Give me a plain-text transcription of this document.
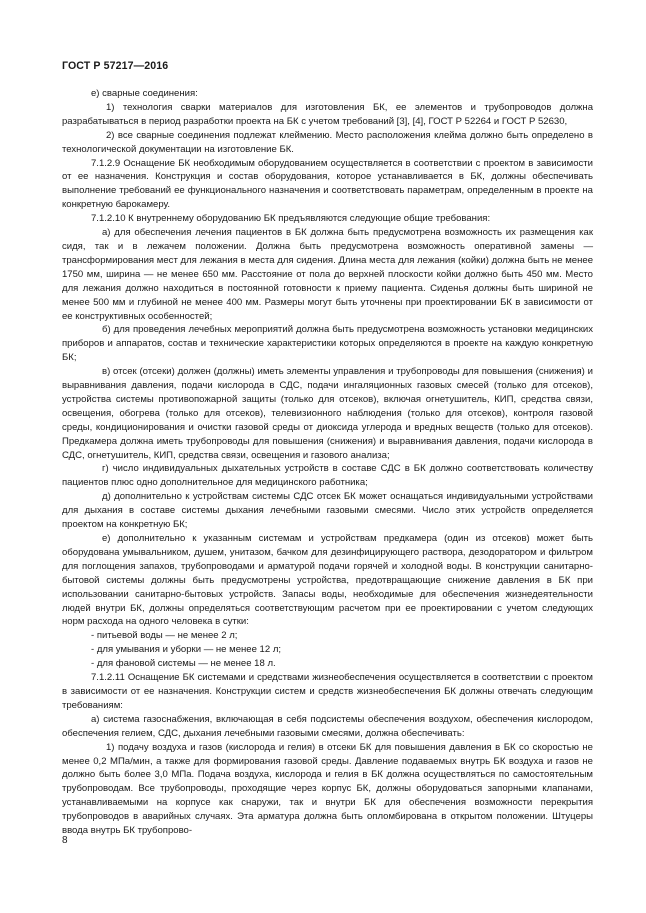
ГОСТ Р 57217—2016

е) сварные соединения:

1) технология сварки материалов для изготовления БК, ее элементов и трубопроводов должна разрабатываться в период разработки проекта на БК с учетом требований [3], [4], ГОСТ Р 52264 и ГОСТ Р 52630,

2) все сварные соединения подлежат клеймению. Место расположения клейма должно быть определено в технологической документации на изготовление БК.

7.1.2.9 Оснащение БК необходимым оборудованием осуществляется в соответствии с проектом в зависимости от ее назначения. Конструкция и состав оборудования, которое устанавливается в БК, должны обеспечивать выполнение требований ее функционального назначения и соответствовать параметрам, определенным в проекте на конкретную барокамеру.

7.1.2.10 К внутреннему оборудованию БК предъявляются следующие общие требования:

а) для обеспечения лечения пациентов в БК должна быть предусмотрена возможность их размещения как сидя, так и в лежачем положении. Должна быть предусмотрена возможность оперативной замены — трансформирования мест для лежания в места для сидения. Длина места для лежания (койки) должна быть не менее 1750 мм, ширина — не менее 650 мм. Расстояние от пола до верхней плоскости койки должно быть 450 мм. Место для лежания должно находиться в постоянной готовности к приему пациента. Сиденья должны быть шириной не менее 500 мм и глубиной не менее 400 мм. Размеры могут быть уточнены при проектировании БК в зависимости от ее конструктивных особенностей;

б) для проведения лечебных мероприятий должна быть предусмотрена возможность установки медицинских приборов и аппаратов, состав и технические характеристики которых определяются в проекте на каждую конкретную БК;

в) отсек (отсеки) должен (должны) иметь элементы управления и трубопроводы для повышения (снижения) и выравнивания давления, подачи кислорода в СДС, подачи ингаляционных газовых смесей (только для отсеков), устройства системы противопожарной защиты (только для отсеков), включая огнетушитель, КИП, средства связи, освещения, обогрева (только для отсеков), телевизионного наблюдения (только для отсеков), контроля газовой среды, кондиционирования и очистки газовой среды от диоксида углерода и вредных веществ (только для отсеков). Предкамера должна иметь трубопроводы для повышения (снижения) и выравнивания давления, подачи кислорода в СДС, огнетушитель, КИП, средства связи, освещения и газового анализа;

г) число индивидуальных дыхательных устройств в составе СДС в БК должно соответствовать количеству пациентов плюс одно дополнительное для медицинского работника;

д) дополнительно к устройствам системы СДС отсек БК может оснащаться индивидуальными устройствами для дыхания в составе системы дыхания лечебными газовыми смесями. Число этих устройств определяется проектом на конкретную БК;

е) дополнительно к указанным системам и устройствам предкамера (один из отсеков) может быть оборудована умывальником, душем, унитазом, бачком для дезинфицирующего раствора, дезодоратором и фильтром для поглощения запахов, трубопроводами и арматурой подачи горячей и холодной воды. В конструкции санитарно-бытовой системы должны быть предусмотрены устройства, предотвращающие снижение давления в БК при использовании санитарно-бытовых устройств. Запасы воды, необходимые для обеспечения жизнедеятельности людей внутри БК, должны определяться соответствующим расчетом при ее проектировании с учетом следующих норм расхода на одного человека в сутки:

- питьевой воды — не менее 2 л;

- для умывания и уборки — не менее 12 л;

- для фановой системы — не менее 18 л.

7.1.2.11 Оснащение БК системами и средствами жизнеобеспечения осуществляется в соответствии с проектом в зависимости от ее назначения. Конструкции систем и средств жизнеобеспечения БК должны отвечать следующим требованиям:

а) система газоснабжения, включающая в себя подсистемы обеспечения воздухом, обеспечения кислородом, обеспечения гелием, СДС, дыхания лечебными газовыми смесями, должна обеспечивать:

1) подачу воздуха и газов (кислорода и гелия) в отсеки БК для повышения давления в БК со скоростью не менее 0,2 МПа/мин, а также для формирования газовой среды. Давление подаваемых внутрь БК воздуха и газов не должно быть более 3,0 МПа. Подача воздуха, кислорода и гелия в БК должна осуществляться по самостоятельным трубопроводам. Все трубопроводы, проходящие через корпус БК, должны оборудоваться запорными клапанами, устанавливаемыми на корпусе как снаружи, так и внутри БК для обеспечения возможности перекрытия трубопроводов в аварийных случаях. Эта арматура должна быть опломбирована в открытом положении. Штуцеры ввода внутрь БК трубопрово-

8
